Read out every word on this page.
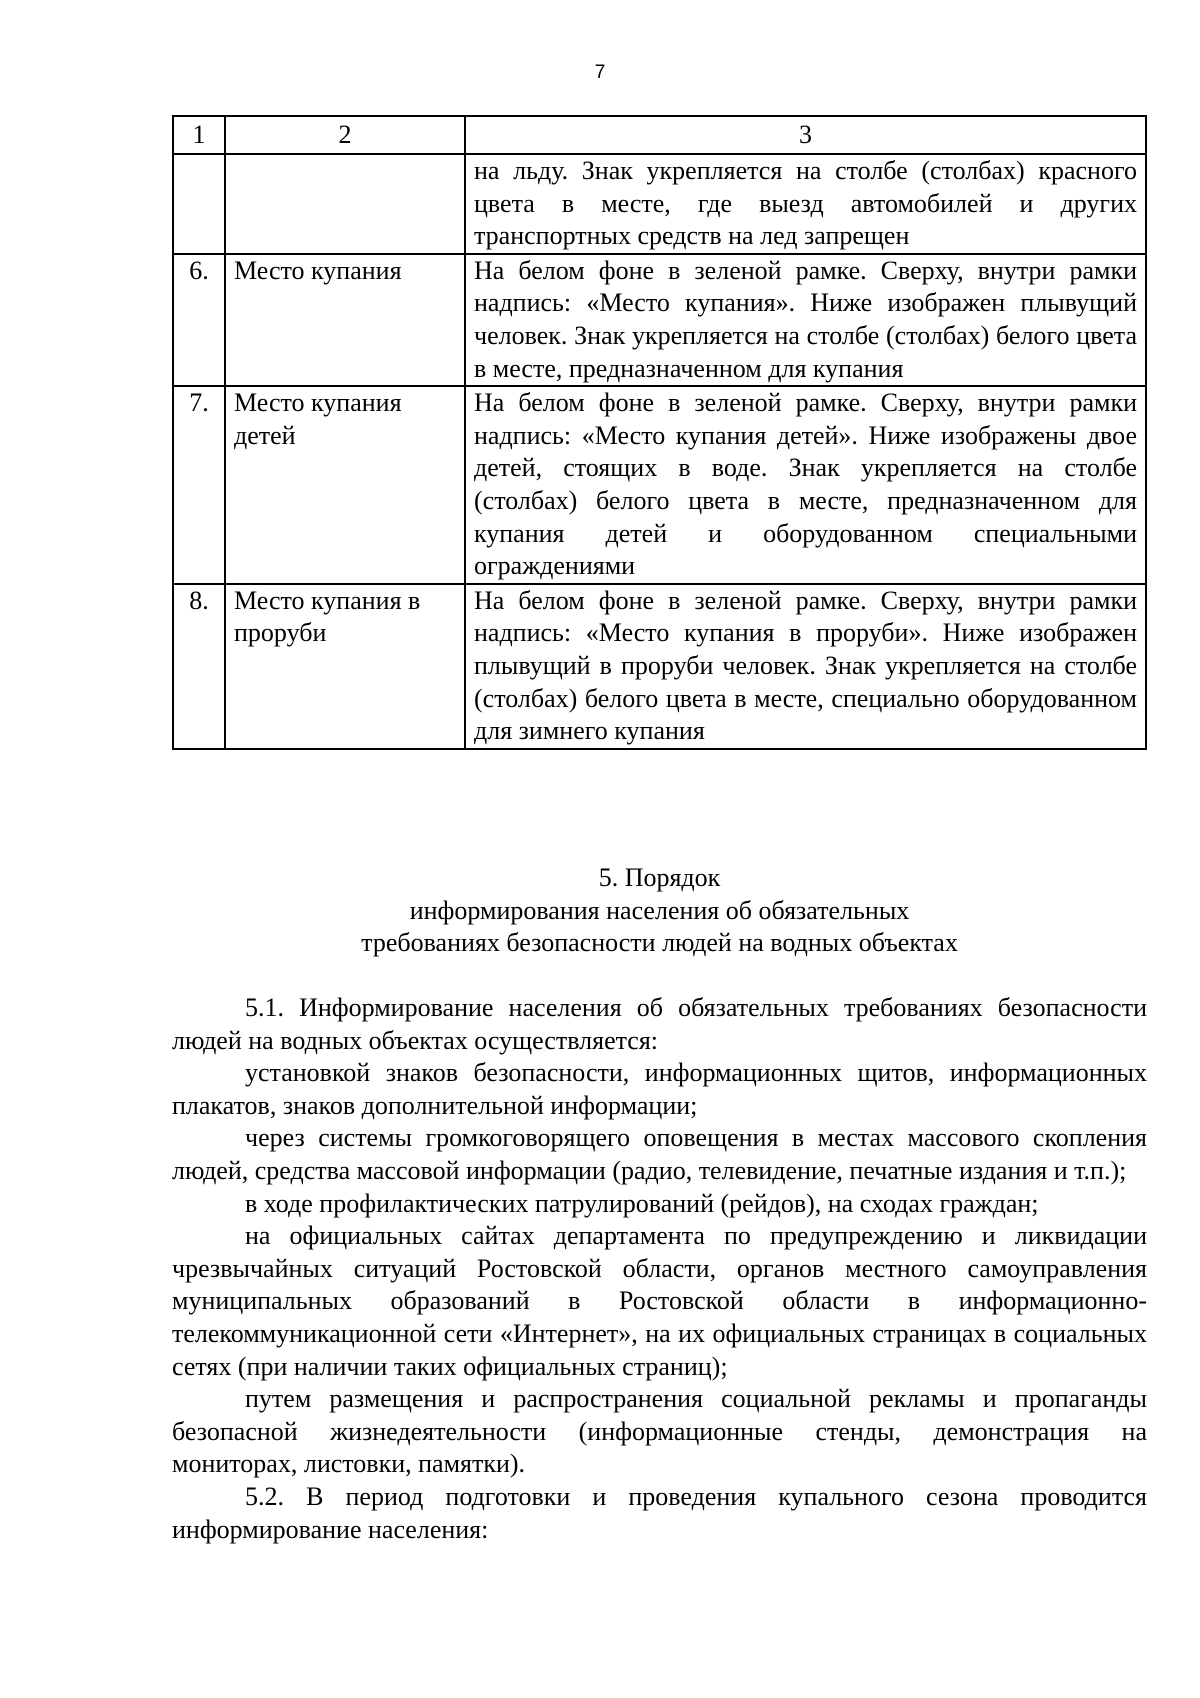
7
1	2	3
		на льду. Знак укрепляется на столбе (столбах) красного цвета в месте, где выезд автомобилей и других транспортных средств на лед запрещен
6.	Место купания	На белом фоне в зеленой рамке. Сверху, внутри рамки надпись: «Место купания». Ниже изображен плывущий человек. Знак укрепляется на столбе (столбах) белого цвета в месте, предназначенном для купания
7.	Место купания детей	На белом фоне в зеленой рамке. Сверху, внутри рамки надпись: «Место купания детей». Ниже изображены двое детей, стоящих в воде. Знак укрепляется на столбе (столбах) белого цвета в месте, предназначенном для купания детей и оборудованном специальными ограждениями
8.	Место купания в проруби	На белом фоне в зеленой рамке. Сверху, внутри рамки надпись: «Место купания в проруби». Ниже изображен плывущий в проруби человек. Знак укрепляется на столбе (столбах) белого цвета в месте, специально оборудованном для зимнего купания
5. Порядок
информирования населения об обязательных
требованиях безопасности людей на водных объектах

5.1. Информирование населения об обязательных требованиях безопасности людей на водных объектах осуществляется:

установкой знаков безопасности, информационных щитов, информационных плакатов, знаков дополнительной информации;

через системы громкоговорящего оповещения в местах массового скопления людей, средства массовой информации (радио, телевидение, печатные издания и т.п.);

в ходе профилактических патрулирований (рейдов), на сходах граждан;

на официальных сайтах департамента по предупреждению и ликвидации чрезвычайных ситуаций Ростовской области, органов местного самоуправления муниципальных образований в Ростовской области в информационно-телекоммуникационной сети «Интернет», на их официальных страницах в социальных сетях (при наличии таких официальных страниц);

путем размещения и распространения социальной рекламы и пропаганды безопасной жизнедеятельности (информационные стенды, демонстрация на мониторах, листовки, памятки).

5.2. В период подготовки и проведения купального сезона проводится информирование населения:
